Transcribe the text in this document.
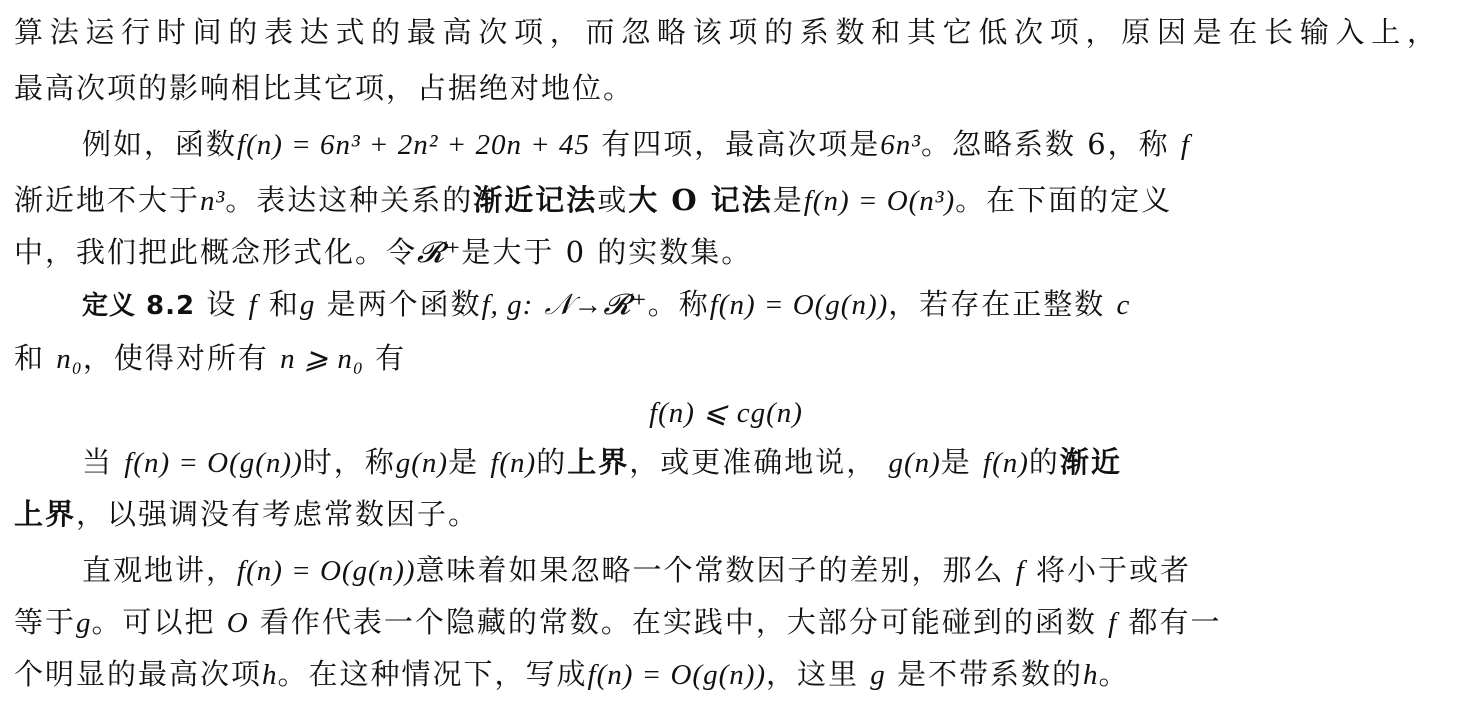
算法运行时间的表达式的最高次项，而忽略该项的系数和其它低次项，原因是在长输入上，
最高次项的影响相比其它项，占据绝对地位。
例如，函数f(n) = 6n³ + 2n² + 20n + 45 有四项，最高次项是6n³。忽略系数 6，称 f
渐近地不大于n³。表达这种关系的渐近记法或大 O 记法是f(n) = O(n³)。在下面的定义
中，我们把此概念形式化。令𝓡⁺是大于 0 的实数集。
定义 8.2 设 f 和g 是两个函数f, g: 𝒩→𝓡⁺。称f(n) = O(g(n))，若存在正整数 c
和 n₀，使得对所有 n ⩾ n₀ 有
f(n) ⩽ cg(n)
当 f(n) = O(g(n))时，称g(n)是 f(n)的上界，或更准确地说， g(n)是 f(n)的渐近
上界，以强调没有考虑常数因子。
直观地讲，f(n) = O(g(n))意味着如果忽略一个常数因子的差别，那么 f 将小于或者
等于g。可以把 O 看作代表一个隐藏的常数。在实践中，大部分可能碰到的函数 f 都有一
个明显的最高次项h。在这种情况下，写成f(n) = O(g(n))，这里 g 是不带系数的h。
